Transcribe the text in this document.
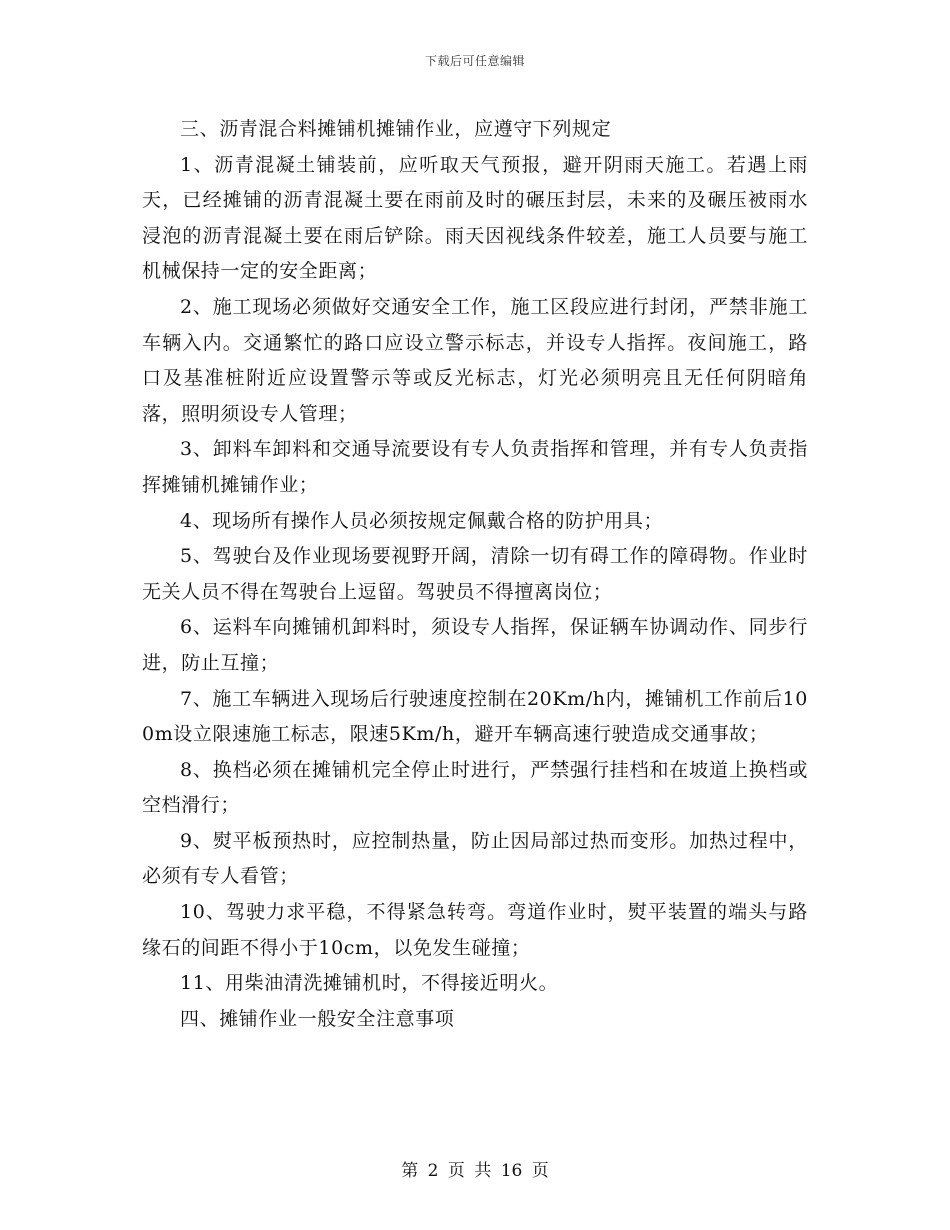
下载后可任意编辑

三、沥青混合料摊铺机摊铺作业，应遵守下列规定

1、沥青混凝土铺装前，应听取天气预报，避开阴雨天施工。若遇上雨天，已经摊铺的沥青混凝土要在雨前及时的碾压封层，未来的及碾压被雨水浸泡的沥青混凝土要在雨后铲除。雨天因视线条件较差，施工人员要与施工机械保持一定的安全距离；

2、施工现场必须做好交通安全工作，施工区段应进行封闭，严禁非施工车辆入内。交通繁忙的路口应设立警示标志，并设专人指挥。夜间施工，路口及基准桩附近应设置警示等或反光标志，灯光必须明亮且无任何阴暗角落，照明须设专人管理；

3、卸料车卸料和交通导流要设有专人负责指挥和管理，并有专人负责指挥摊铺机摊铺作业；

4、现场所有操作人员必须按规定佩戴合格的防护用具；

5、驾驶台及作业现场要视野开阔，清除一切有碍工作的障碍物。作业时无关人员不得在驾驶台上逗留。驾驶员不得擅离岗位；

6、运料车向摊铺机卸料时，须设专人指挥，保证辆车协调动作、同步行进，防止互撞；

7、施工车辆进入现场后行驶速度控制在20Km/h内，摊铺机工作前后100m设立限速施工标志，限速5Km/h，避开车辆高速行驶造成交通事故；

8、换档必须在摊铺机完全停止时进行，严禁强行挂档和在坡道上换档或空档滑行；

9、熨平板预热时，应控制热量，防止因局部过热而变形。加热过程中，必须有专人看管；

10、驾驶力求平稳，不得紧急转弯。弯道作业时，熨平装置的端头与路缘石的间距不得小于10cm，以免发生碰撞；

11、用柴油清洗摊铺机时，不得接近明火。

四、摊铺作业一般安全注意事项

第 2 页 共 16 页
